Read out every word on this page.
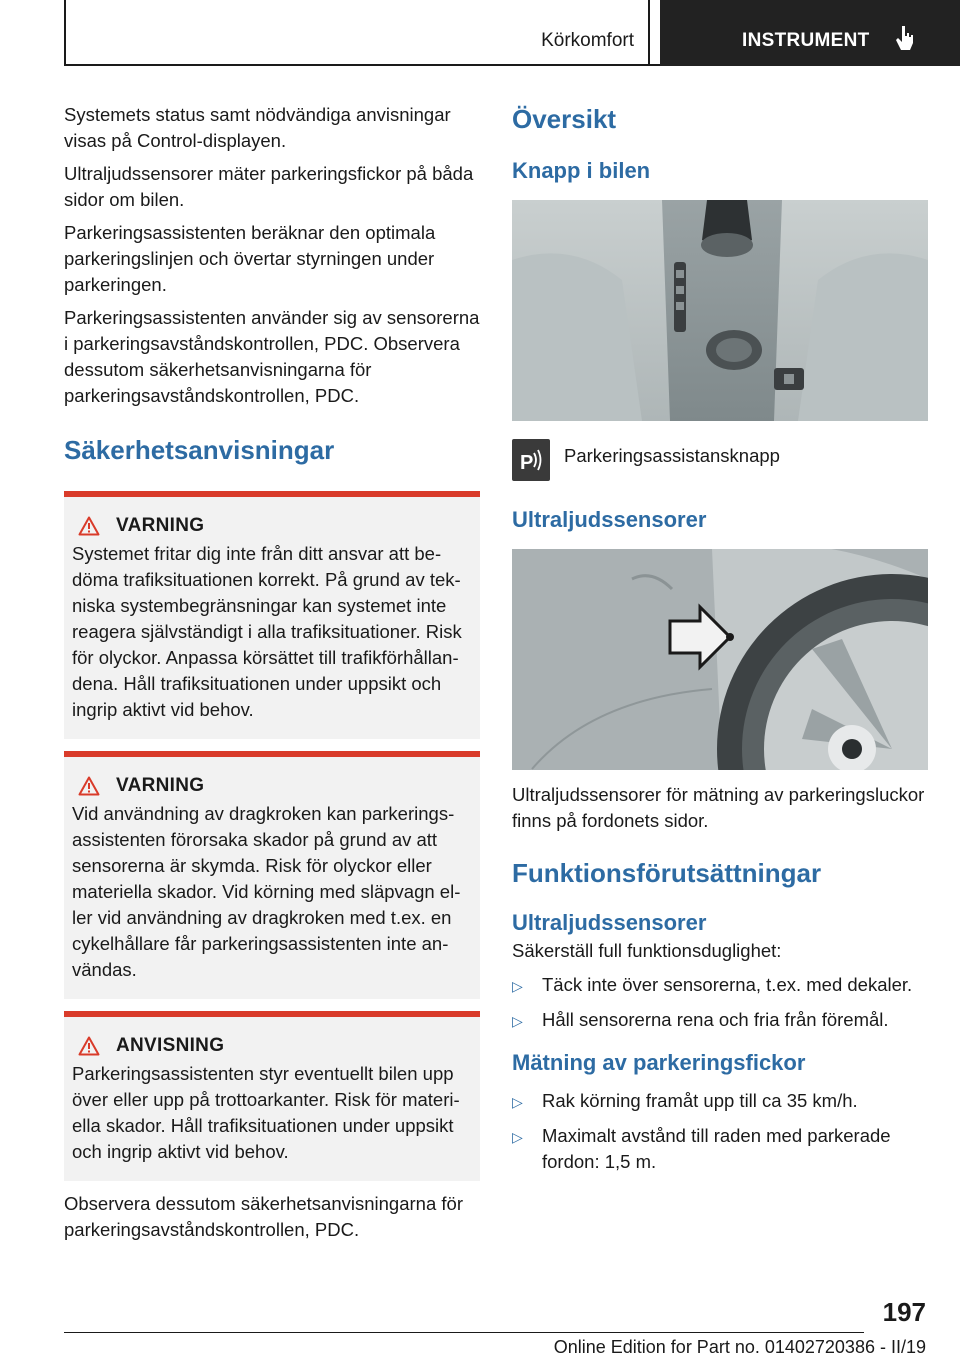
Körkomfort	INSTRUMENT

Systemets status samt nödvändiga anvisningar visas på Control-displayen.

Ultraljudssensorer mäter parkeringsfickor på båda sidor om bilen.

Parkeringsassistenten beräknar den optimala parkeringslinjen och övertar styrningen under parkeringen.

Parkeringsassistenten använder sig av sensorerna i parkeringsavståndskontrollen, PDC. Observera dessutom säkerhetsanvisningarna för parkeringsavståndskontrollen, PDC.

Säkerhetsanvisningar
VARNING
Systemet fritar dig inte från ditt ansvar att bedöma trafiksituationen korrekt. På grund av tekniska systembegränsningar kan systemet inte reagera självständigt i alla trafiksituationer. Risk för olyckor. Anpassa körsättet till trafikförhållandena. Håll trafiksituationen under uppsikt och ingrip aktivt vid behov.
VARNING
Vid användning av dragkroken kan parkeringsassistenten förorsaka skador på grund av att sensorerna är skymda. Risk för olyckor eller materiella skador. Vid körning med släpvagn eller vid användning av dragkroken med t.ex. en cykelhållare får parkeringsassistenten inte användas.
ANVISNING
Parkeringsassistenten styr eventuellt bilen upp över eller upp på trottoarkanter. Risk för materiella skador. Håll trafiksituationen under uppsikt och ingrip aktivt vid behov.

Observera dessutom säkerhetsanvisningarna för parkeringsavståndskontrollen, PDC.

Översikt
Knapp i bilen
P Parkeringsassistansknapp
Ultraljudssensorer

Ultraljudssensorer för mätning av parkeringsluckor finns på fordonets sidor.

Funktionsförutsättningar
Ultraljudssensorer

Säkerställ full funktionsduglighet:

▷	Täck inte över sensorerna, t.ex. med dekaler.
▷	Håll sensorerna rena och fria från föremål.
Mätning av parkeringsfickor
▷	Rak körning framåt upp till ca 35 km/h.
▷	Maximalt avstånd till raden med parkerade fordon: 1,5 m.
197
Online Edition for Part no. 01402720386 - II/19
